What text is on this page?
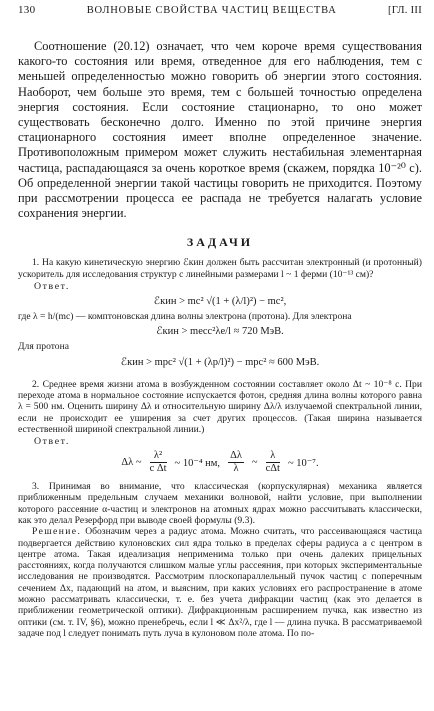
130	ВОЛНОВЫЕ СВОЙСТВА ЧАСТИЦ ВЕЩЕСТВА	[ГЛ. III

Соотношение (20.12) означает, что чем короче время существования какого-то состояния или время, отведенное для его наблюдения, тем с меньшей определенностью можно говорить об энергии этого состояния. Наоборот, чем больше это время, тем с большей точностью определена энергия состояния. Если состояние стационарно, то оно может существовать бесконечно долго. Именно по этой причине энергия стационарного состояния имеет вполне определенное значение. Противоположным примером может служить нестабильная элементарная частица, распадающаяся за очень короткое время (скажем, порядка 10⁻²⁰ с). Об определенной энергии такой частицы говорить не приходится. Поэтому при рассмотрении процесса ее распада не требуется налагать условие сохранения энергии.

ЗАДАЧИ

1. На какую кинетическую энергию ℰкин должен быть рассчитан электронный (и протонный) ускоритель для исследования структур с линейными размерами l ~ 1 ферми (10⁻¹³ см)?

Ответ.
ℰкин > mc² √(1 + (λ/l)²) − mc²,

где λ = h/(mc) — комптоновская длина волны электрона (протона). Для электрона

ℰкин > meсc²λe/l ≈ 720 МэВ.

Для протона

ℰкин > mpc² √(1 + (λp/l)²) − mpc² ≈ 600 МэВ.

2. Среднее время жизни атома в возбужденном состоянии составляет около Δt ~ 10⁻⁸ с. При переходе атома в нормальное состояние испускается фотон, средняя длина волны которого равна λ = 500 нм. Оценить ширину Δλ и относительную ширину Δλ/λ излучаемой спектральной линии, если не происходит ее уширения за счет других процессов. (Такая ширина называется естественной шириной спектральной линии.)

Ответ.
Δλ ~ $\frac{\text{λ²}}{\text{c Δt}}$ ~ 10⁻⁴ нм, $\frac{\Delta\lambda}{\lambda}$ ~ $\frac{\lambda}{\text{cΔt}}$ ~ 10⁻⁷.

3. Принимая во внимание, что классическая (корпускулярная) механика является приближенным предельным случаем механики волновой, найти условие, при выполнении которого рассеяние α-частиц и электронов на атомных ядрах можно рассчитывать классически, как это делал Резерфорд при выводе своей формулы (9.3).

Решение. Обозначим через a радиус атома. Можно считать, что рассеивающаяся частица подвергается действию кулоновских сил ядра только в пределах сферы радиуса a с центром в центре атома. Такая идеализация неприменима только при очень далеких прицельных расстояниях, когда получаются слишком малые углы рассеяния, при которых экспериментальные исследования не производятся. Рассмотрим плоскопараллельный пучок частиц с поперечным сечением Δx, падающий на атом, и выясним, при каких условиях его распространение в атоме можно рассматривать классически, т. е. без учета дифракции частиц (как это делается в приближении геометрической оптики). Дифракционным расширением пучка, как известно из оптики (см. т. IV, §6), можно пренебречь, если l ≪ Δx²/λ, где l — длина пучка. В рассматриваемой задаче под l следует понимать путь луча в кулоновом поле атома. По по-
